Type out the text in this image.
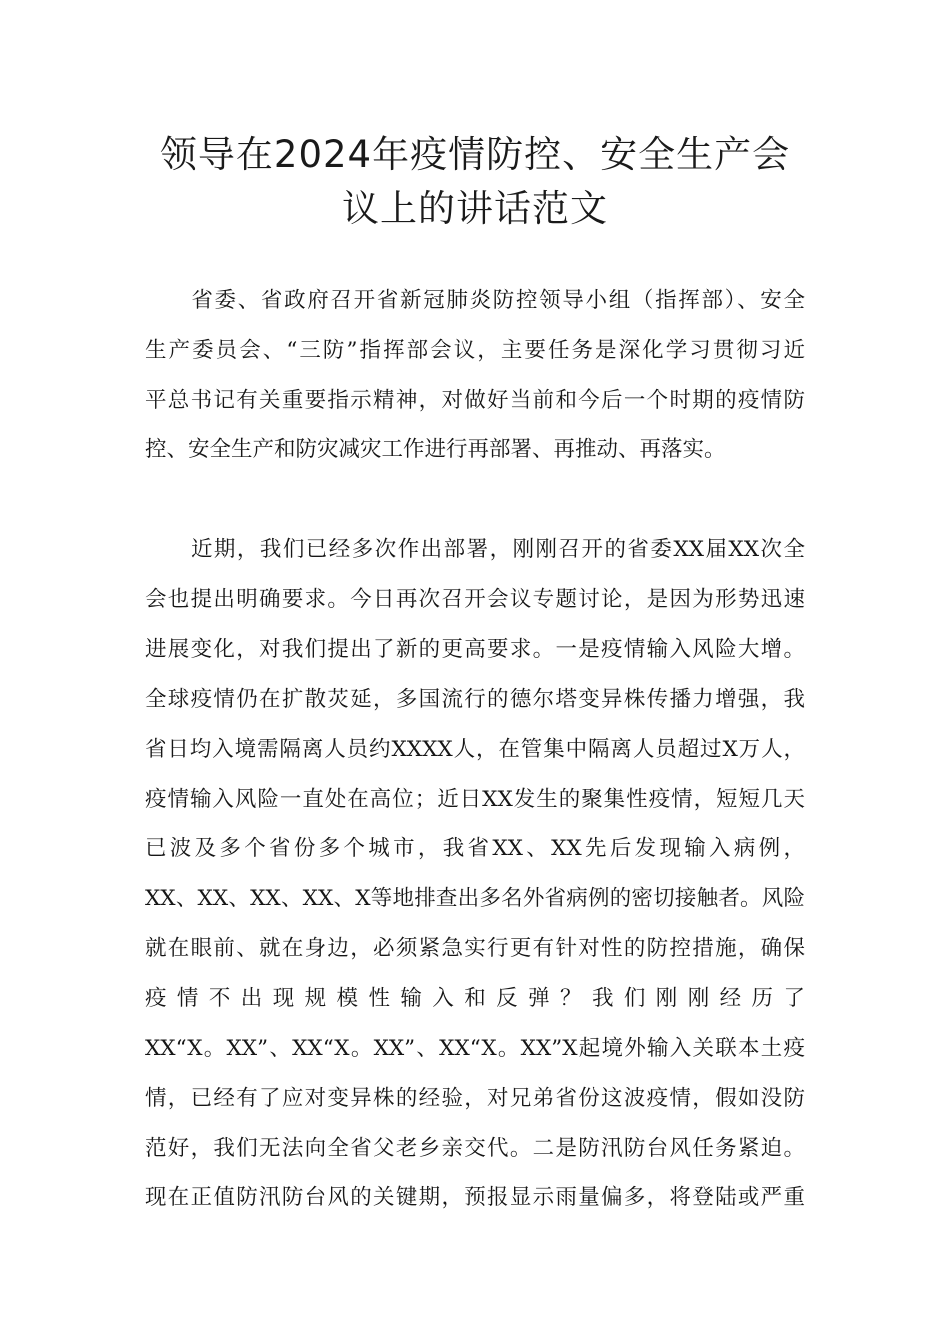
领导在2024年疫情防控、安全生产会
议上的讲话范文
　　省委、省政府召开省新冠肺炎防控领导小组（指挥部）、安全
生产委员会、“三防”指挥部会议，主要任务是深化学习贯彻习近
平总书记有关重要指示精神，对做好当前和今后一个时期的疫情防
控、安全生产和防灾减灾工作进行再部署、再推动、再落实。
　　近期，我们已经多次作出部署，刚刚召开的省委XX届XX次全
会也提出明确要求。今日再次召开会议专题讨论，是因为形势迅速
进展变化，对我们提出了新的更高要求。一是疫情输入风险大增。
全球疫情仍在扩散苂延，多国流行的德尔塔变异株传播力增强，我
省日均入境需隔离人员约XXXX人，在管集中隔离人员超过X万人，
疫情输入风险一直处在高位；近日XX发生的聚集性疫情，短短几天
已波及多个省份多个城市，我省XX、XX先后发现输入病例，
XX、XX、XX、XX、X等地排查出多名外省病例的密切接触者。风险
就在眼前、就在身边，必须紧急实行更有针对性的防控措施，确保
疫情不出现规模性输入和反弹？我们刚刚经历了
XX“X。XX”、XX“X。XX”、XX“X。XX”X起境外输入关联本土疫
情，已经有了应对变异株的经验，对兄弟省份这波疫情，假如没防
范好，我们无法向全省父老乡亲交代。二是防汛防台风任务紧迫。
现在正值防汛防台风的关键期，预报显示雨量偏多，将登陆或严重
